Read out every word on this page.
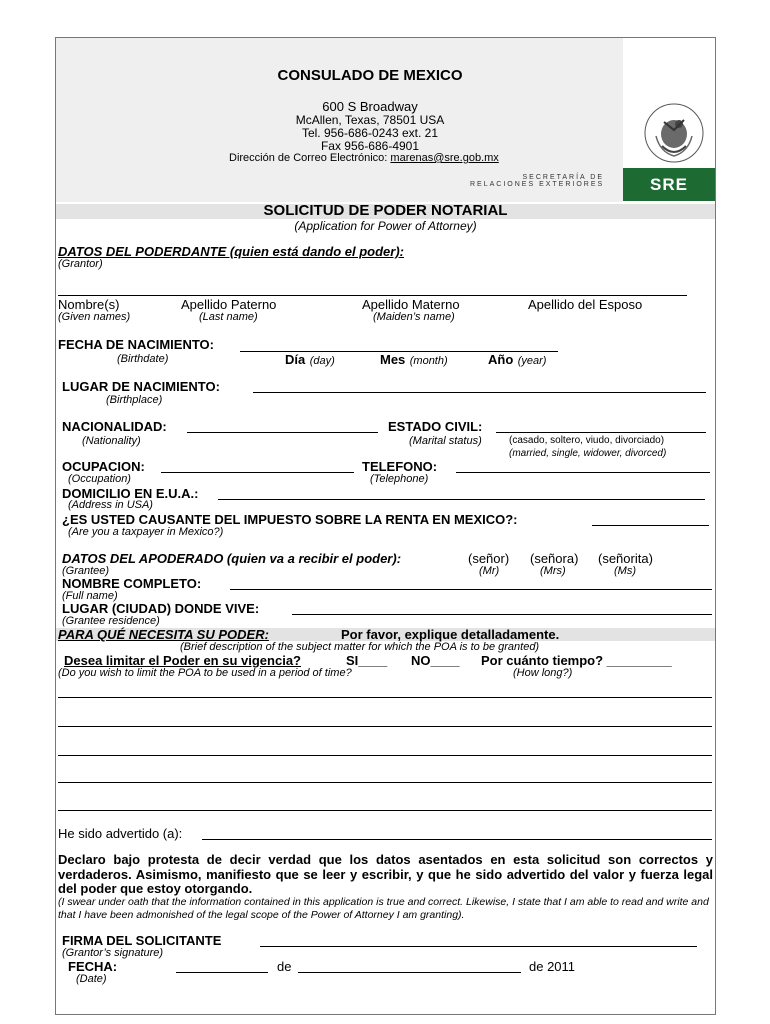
CONSULADO DE MEXICO
600 S Broadway
McAllen, Texas, 78501 USA
Tel. 956-686-0243 ext. 21
Fax 956-686-4901
Dirección de Correo Electrónico: marenas@sre.gob.mx
SECRETARÍA DE
RELACIONES EXTERIORES	SRE
SOLICITUD DE PODER NOTARIAL
(Application for Power of Attorney)
DATOS DEL PODERDANTE (quien está dando el poder):
(Grantor)
Nombre(s)
(Given names)
Apellido Paterno
(Last name)
Apellido Materno
(Maiden’s name)
Apellido del Esposo
FECHA DE NACIMIENTO:
(Birthdate)	Día (day)	Mes (month)	Año (year)
LUGAR DE NACIMIENTO:
(Birthplace)
NACIONALIDAD:
(Nationality)
ESTADO CIVIL:
(Marital status)	(casado, soltero, viudo, divorciado)
(married, single, widower, divorced)
OCUPACION:
(Occupation)
TELEFONO:
(Telephone)
DOMICILIO EN E.U.A.:
(Address in USA)
¿ES USTED CAUSANTE DEL IMPUESTO SOBRE LA RENTA EN MEXICO?:
(Are you a taxpayer in Mexico?)
DATOS DEL APODERADO (quien va a recibir el poder):	(señor) (señora) (señorita)
(Grantee)	(Mr)	(Mrs)	(Ms)
NOMBRE COMPLETO:
(Full name)
LUGAR (CIUDAD) DONDE VIVE:
(Grantee residence)
PARA QUÉ NECESITA SU PODER:	Por favor, explique detalladamente.
(Brief description of the subject matter for which the POA is to be granted)
Desea limitar el Poder en su vigencia?	SI____ NO____ Por cuánto tiempo? _________
(Do you wish to limit the POA to be used in a period of time?	(How long?)
He sido advertido (a):
Declaro bajo protesta de decir verdad que los datos asentados en esta solicitud son correctos y verdaderos. Asimismo, manifiesto que se leer y escribir, y que he sido advertido del valor y fuerza legal del poder que estoy otorgando.
(I swear under oath that the information contained in this application is true and correct. Likewise, I state that I am able to read and write and that I have been admonished of the legal scope of the Power of Attorney I am granting).
FIRMA DEL SOLICITANTE
(Grantor’s signature)
FECHA:	de	de 2011
(Date)
